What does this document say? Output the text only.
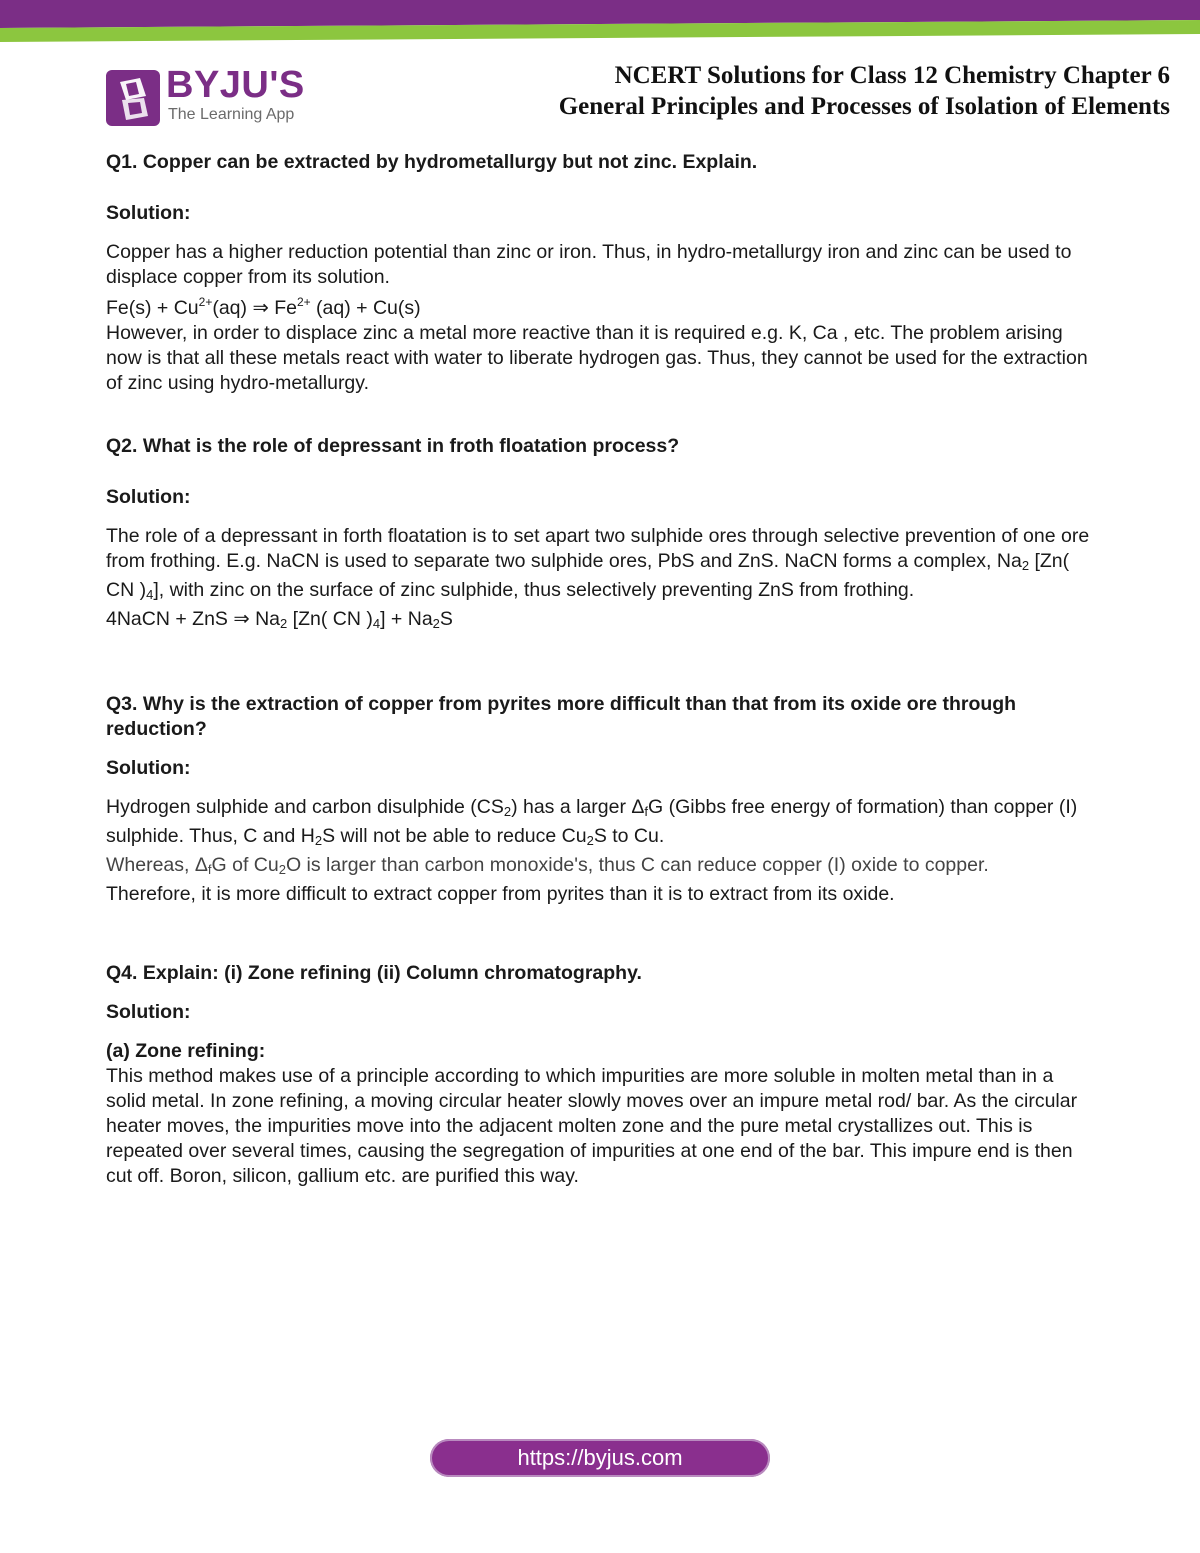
BYJU'S
The Learning App
NCERT Solutions for Class 12 Chemistry Chapter 6
General Principles and Processes of Isolation of Elements

Q1. Copper can be extracted by hydrometallurgy but not zinc. Explain.

Solution:

Copper has a higher reduction potential than zinc or iron. Thus, in hydro-metallurgy iron and zinc can be used to displace copper from its solution.

$Fe(s) + Cu^{2+}(aq)$ ⇒ $Fe^{2+}$ (aq) + Cu(s)

However, in order to displace zinc a metal more reactive than it is required e.g. K, Ca , etc. The problem arising now is that all these metals react with water to liberate hydrogen gas. Thus, they cannot be used for the extraction of zinc using hydro-metallurgy.

Q2. What is the role of depressant in froth floatation process?

Solution:

The role of a depressant in forth floatation is to set apart two sulphide ores through selective prevention of one ore from frothing. E.g. NaCN is used to separate two sulphide ores, PbS and ZnS. NaCN forms a complex, $Na_2$ [Zn( CN )$_4$], with zinc on the surface of zinc sulphide, thus selectively preventing ZnS from frothing.

4NaCN + ZnS ⇒ $Na_2$ [Zn( CN )$_4] + Na_2S$

Q3. Why is the extraction of copper from pyrites more difficult than that from its oxide ore through reduction?

Solution:

Hydrogen sulphide and carbon disulphide $(CS_2)$ has a larger $\Delta_fG$ (Gibbs free energy of formation) than copper (I) sulphide. Thus, C and $H_2S$ will not be able to reduce $Cu_2S$ to Cu.

Whereas, $\Delta_fG$ of $Cu_2O$ is larger than carbon monoxide's, thus C can reduce copper (I) oxide to copper.

Therefore, it is more difficult to extract copper from pyrites than it is to extract from its oxide.

Q4. Explain: (i) Zone refining (ii) Column chromatography.

Solution:

(a) Zone refining:

This method makes use of a principle according to which impurities are more soluble in molten metal than in a solid metal. In zone refining, a moving circular heater slowly moves over an impure metal rod/ bar. As the circular heater moves, the impurities move into the adjacent molten zone and the pure metal crystallizes out. This is repeated over several times, causing the segregation of impurities at one end of the bar. This impure end is then cut off. Boron, silicon, gallium etc. are purified this way.

https://byjus.com
